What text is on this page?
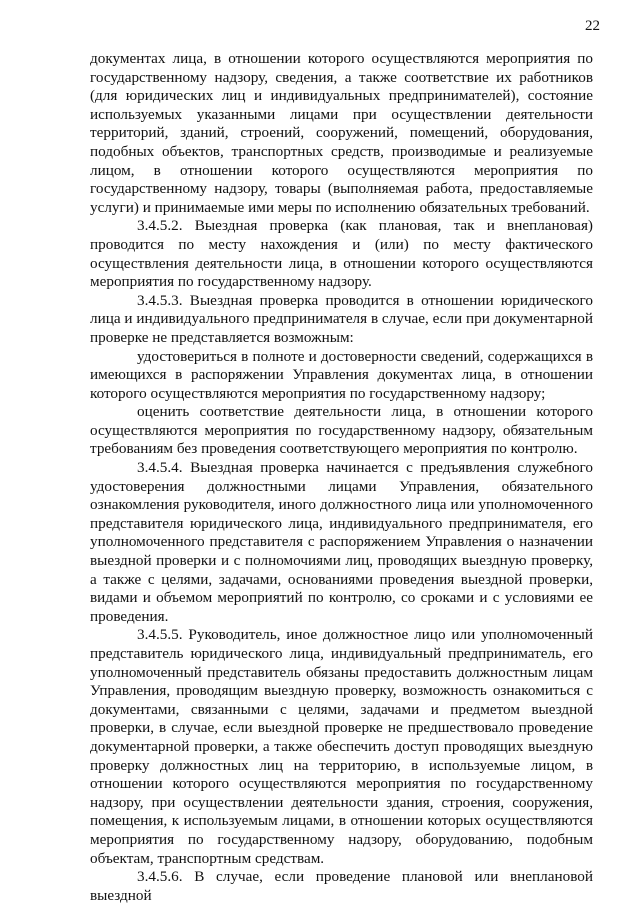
22

документах лица, в отношении которого осуществляются мероприятия по государственному надзору, сведения, а также соответствие их работников (для юридических лиц и индивидуальных предпринимателей), состояние используемых указанными лицами при осуществлении деятельности территорий, зданий, строений, сооружений, помещений, оборудования, подобных объектов, транспортных средств, производимые и реализуемые лицом, в отношении которого осуществляются мероприятия по государственному надзору, товары (выполняемая работа, предоставляемые услуги) и принимаемые ими меры по исполнению обязательных требований.

3.4.5.2. Выездная проверка (как плановая, так и внеплановая) проводится по месту нахождения и (или) по месту фактического осуществления деятельности лица, в отношении которого осуществляются мероприятия по государственному надзору.

3.4.5.3. Выездная проверка проводится в отношении юридического лица и индивидуального предпринимателя в случае, если при документарной проверке не представляется возможным:

удостовериться в полноте и достоверности сведений, содержащихся в имеющихся в распоряжении Управления документах лица, в отношении которого осуществляются мероприятия по государственному надзору;

оценить соответствие деятельности лица, в отношении которого осуществляются мероприятия по государственному надзору, обязательным требованиям без проведения соответствующего мероприятия по контролю.

3.4.5.4. Выездная проверка начинается с предъявления служебного удостоверения должностными лицами Управления, обязательного ознакомления руководителя, иного должностного лица или уполномоченного представителя юридического лица, индивидуального предпринимателя, его уполномоченного представителя с распоряжением Управления о назначении выездной проверки и с полномочиями лиц, проводящих выездную проверку, а также с целями, задачами, основаниями проведения выездной проверки, видами и объемом мероприятий по контролю, со сроками и с условиями ее проведения.

3.4.5.5. Руководитель, иное должностное лицо или уполномоченный представитель юридического лица, индивидуальный предприниматель, его уполномоченный представитель обязаны предоставить должностным лицам Управления, проводящим выездную проверку, возможность ознакомиться с документами, связанными с целями, задачами и предметом выездной проверки, в случае, если выездной проверке не предшествовало проведение документарной проверки, а также обеспечить доступ проводящих выездную проверку должностных лиц на территорию, в используемые лицом, в отношении которого осуществляются мероприятия по государственному надзору, при осуществлении деятельности здания, строения, сооружения, помещения, к используемым лицами, в отношении которых осуществляются мероприятия по государственному надзору, оборудованию, подобным объектам, транспортным средствам.

3.4.5.6. В случае, если проведение плановой или внеплановой выездной
